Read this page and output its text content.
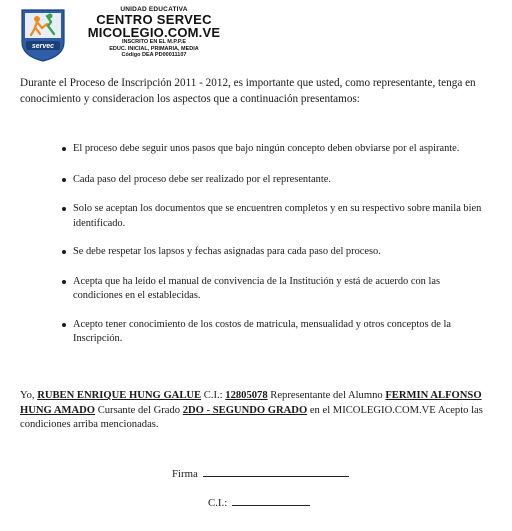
servec
UNIDAD EDUCATIVA
CENTRO SERVEC
MICOLEGIO.COM.VE
INSCRITO EN EL M.P.P.E
EDUC. INICIAL, PRIMARIA, MEDIA
Código DEA PD00011107
Durante el Proceso de Inscripción 2011 - 2012, es importante que usted, como representante, tenga en conocimiento y consideracion los aspectos que a continuación presentamos:
El proceso debe seguir unos pasos que bajo ningún concepto deben obviarse por el aspirante.
Cada paso del proceso debe ser realizado por el representante.
Solo se aceptan los documentos que se encuentren completos y en su respectivo sobre manila bien identificado.
Se debe respetar los lapsos y fechas asignadas para cada paso del proceso.
Acepta que ha leído el manual de convivencia de la Institución y está de acuerdo con las condiciones en el establecidas.
Acepto tener conocimiento de los costos de matricula, mensualidad y otros conceptos de la Inscripción.
Yo, RUBEN ENRIQUE HUNG GALUE C.I.: 12805078 Representante del Alumno FERMIN ALFONSO HUNG AMADO Cursante del Grado 2DO - SEGUNDO GRADO en el MICOLEGIO.COM.VE Acepto las condiciones arriba mencionadas.
Firma
C.I.:
